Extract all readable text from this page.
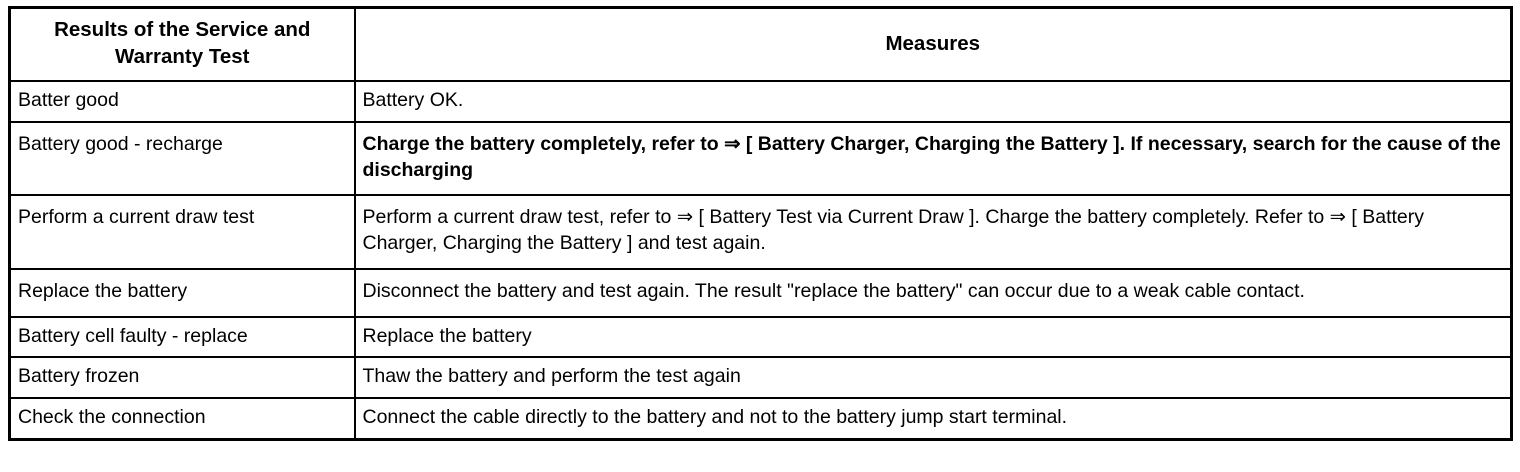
Results of the Service and Warranty Test	Measures
Batter good	Battery OK.
Battery good - recharge	Charge the battery completely, refer to ⇒ [ Battery Charger, Charging the Battery ]. If necessary, search for the cause of the discharging
Perform a current draw test	Perform a current draw test, refer to ⇒ [ Battery Test via Current Draw ]. Charge the battery completely. Refer to ⇒ [ Battery Charger, Charging the Battery ] and test again.
Replace the battery	Disconnect the battery and test again. The result "replace the battery" can occur due to a weak cable contact.
Battery cell faulty - replace	Replace the battery
Battery frozen	Thaw the battery and perform the test again
Check the connection	Connect the cable directly to the battery and not to the battery jump start terminal.
